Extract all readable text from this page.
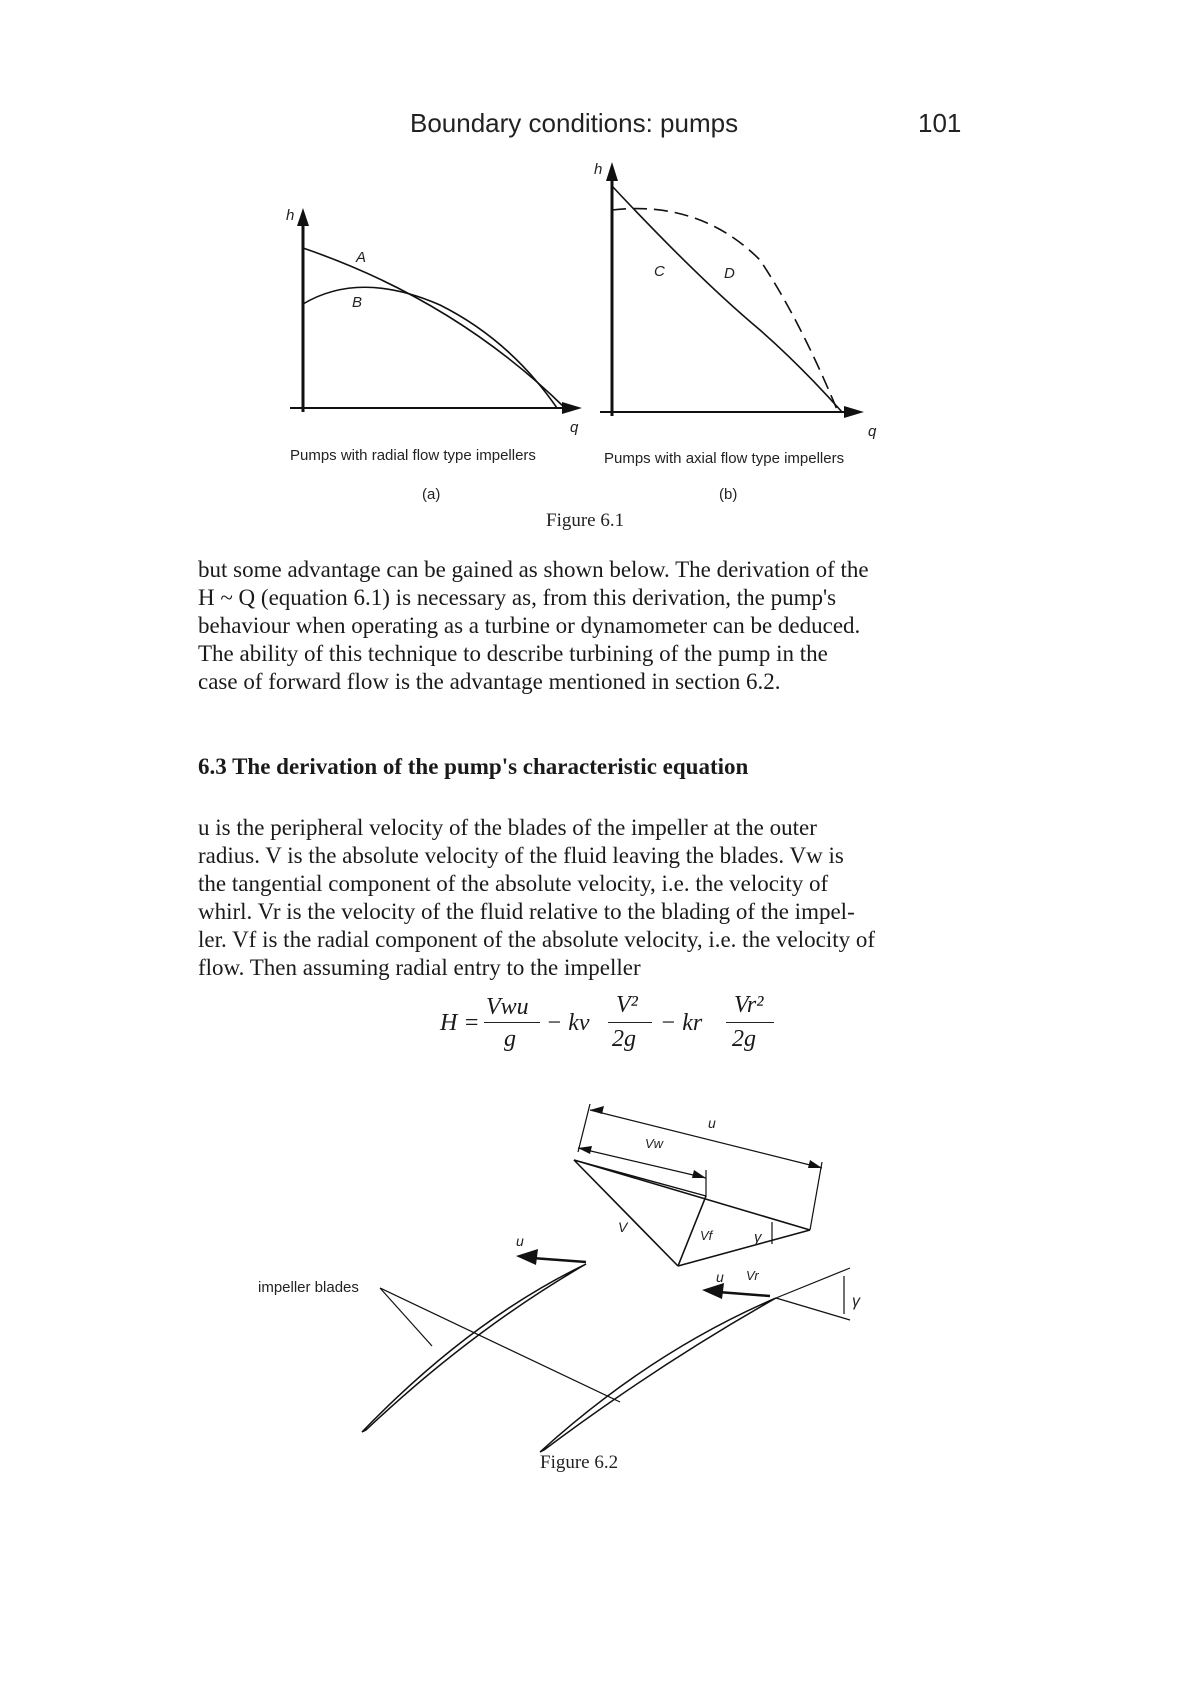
Boundary conditions: pumps	101
h
q
A
B
h
q
C	D
Pumps with radial flow type impellers	Pumps with axial flow type impellers
(a)	(b)
Figure 6.1

but some advantage can be gained as shown below. The derivation of the

H ~ Q (equation 6.1) is necessary as, from this derivation, the pump's

behaviour when operating as a turbine or dynamometer can be deduced.

The ability of this technique to describe turbining of the pump in the

case of forward flow is the advantage mentioned in section 6.2.

6.3 The derivation of the pump's characteristic equation

u is the peripheral velocity of the blades of the impeller at the outer

radius. V is the absolute velocity of the fluid leaving the blades. Vw is

the tangential component of the absolute velocity, i.e. the velocity of

whirl. Vr is the velocity of the fluid relative to the blading of the impel-

ler. Vf is the radial component of the absolute velocity, i.e. the velocity of

flow. Then assuming radial entry to the impeller

H =
Vwu
g
− kv
V²
2g
− kr
Vr²
2g
u
Vw
V
Vf
Vr
γ
u
u
γ
impeller blades
Figure 6.2
